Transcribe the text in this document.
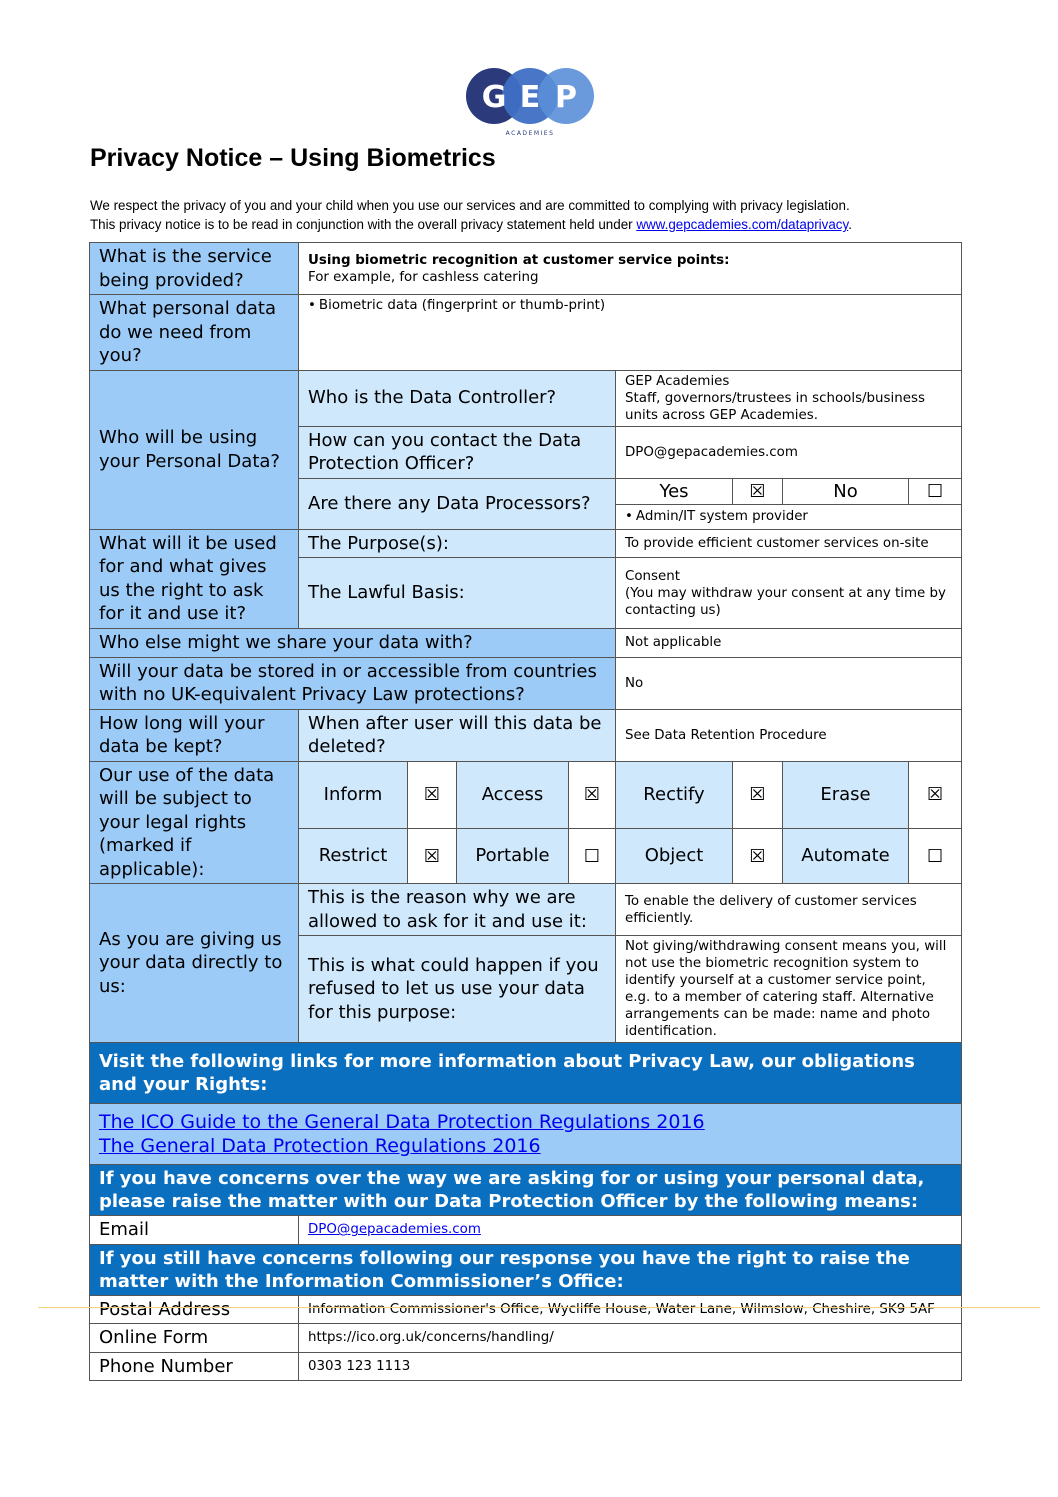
G E P
ACADEMIES
Privacy Notice – Using Biometrics

We respect the privacy of you and your child when you use our services and are committed to complying with privacy legislation.

This privacy notice is to be read in conjunction with the overall privacy statement held under www.gepcademies.com/dataprivacy.

What is the service being provided?	Using biometric recognition at customer service points:
For example, for cashless catering							
What personal data do we need from you?	• Biometric data (fingerprint or thumb-print)
Who will be using your Personal Data?	Who is the Data Controller?				GEP Academies
Staff, governors/trustees in schools/business units across GEP Academies.			
	How can you contact the Data Protection Officer?				DPO@gepacademies.com			
	Are there any Data Processors?				Yes	☒	No	☐
					• Admin/IT system provider
What will it be used for and what gives us the right to ask for it and use it?	The Purpose(s):				To provide efficient customer services on-site			
	The Lawful Basis:				Consent
(You may withdraw your consent at any time by contacting us)			
Who else might we share your data with?					Not applicable			
Will your data be stored in or accessible from countries with no UK-equivalent Privacy Law protections?					No			
How long will your data be kept?	When after user will this data be deleted?				See Data Retention Procedure			
Our use of the data will be subject to your legal rights (marked if applicable):	Inform	☒	Access	☒	Rectify	☒	Erase	☒
	Restrict	☒	Portable	☐	Object	☒	Automate	☐
As you are giving us your data directly to us:	This is the reason why we are allowed to ask for it and use it:				To enable the delivery of customer services efficiently.			
	This is what could happen if you refused to let us use your data for this purpose:				Not giving/withdrawing consent means you, will not use the biometric recognition system to identify yourself at a customer service point, e.g. to a member of catering staff. Alternative arrangements can be made: name and photo identification.			
Visit the following links for more information about Privacy Law, our obligations and your Rights:								

The ICO Guide to the General Data Protection Regulations 2016
The General Data Protection Regulations 2016								

If you have concerns over the way we are asking for or using your personal data, please raise the matter with our Data Protection Officer by the following means:								
Email	DPO@gepacademies.com							
If you still have concerns following our response you have the right to raise the matter with the Information Commissioner’s Office:								
Postal Address	Information Commissioner's Office, Wycliffe House, Water Lane, Wilmslow, Cheshire, SK9 5AF							
Online Form	https://ico.org.uk/concerns/handling/							
Phone Number	0303 123 1113							
